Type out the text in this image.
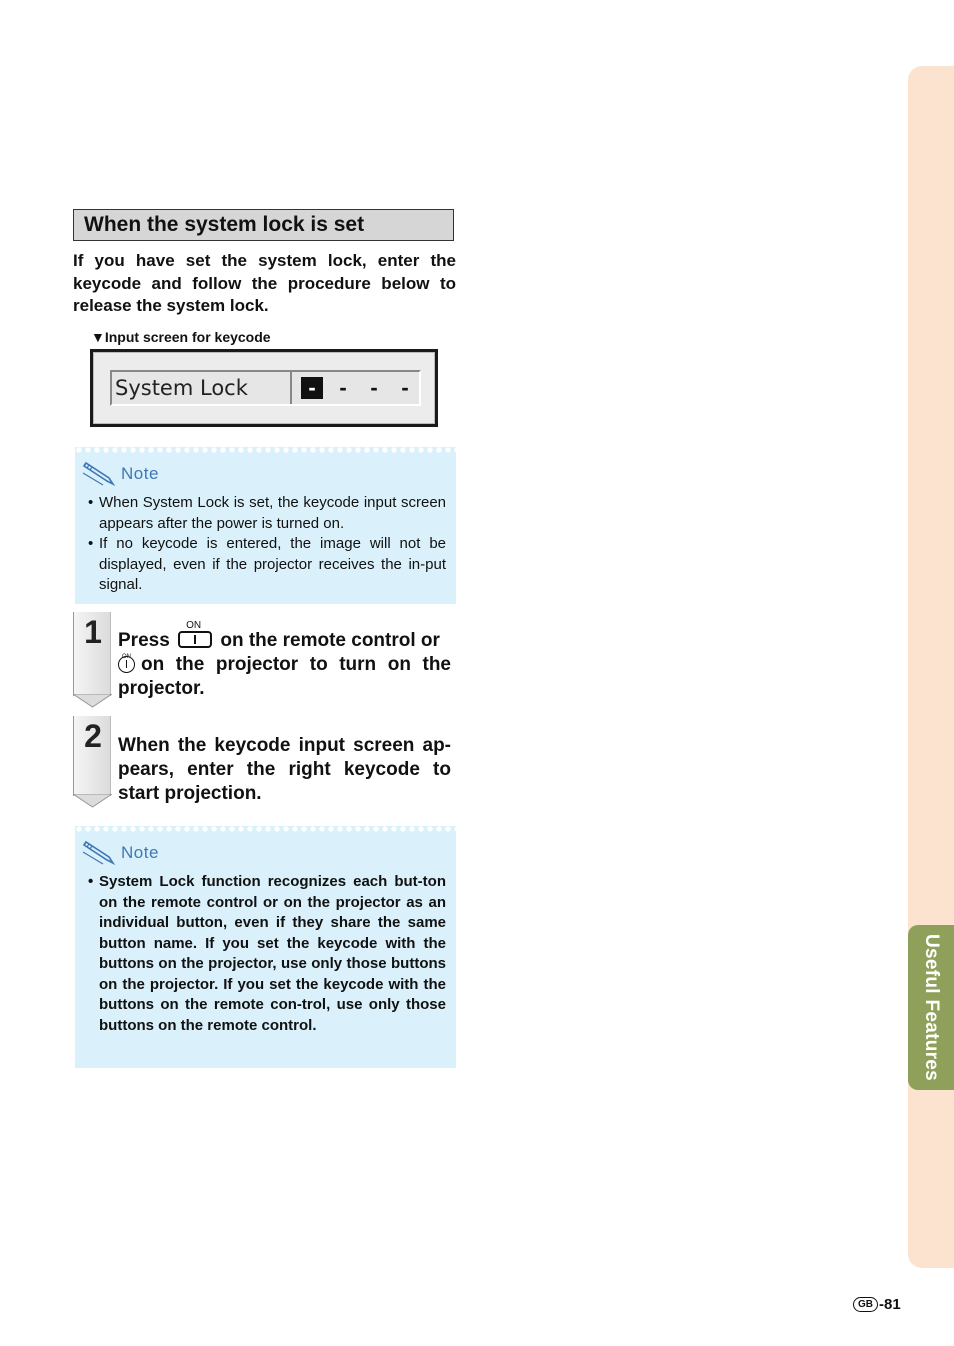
Useful Features
When the system lock is set
If you have set the system lock, enter the keycode and follow the procedure below to release the system lock.
▼Input screen for keycode
System Lock	-	-	-	-
Note
• When System Lock is set, the keycode input screen appears after the power is turned on.
• If no keycode is entered, the image will not be displayed, even if the projector receives the in-put signal.
1 Press
ON
on the remote control or

ON on the projector to turn on the projector.
2 When the keycode input screen ap-pears, enter the right keycode to start projection.
Note
• System Lock function recognizes each but-ton on the remote control or on the projector as an individual button, even if they share the same button name. If you set the keycode with the buttons on the projector, use only those buttons on the projector. If you set the keycode with the buttons on the remote con-trol, use only those buttons on the remote control.
GB -81
